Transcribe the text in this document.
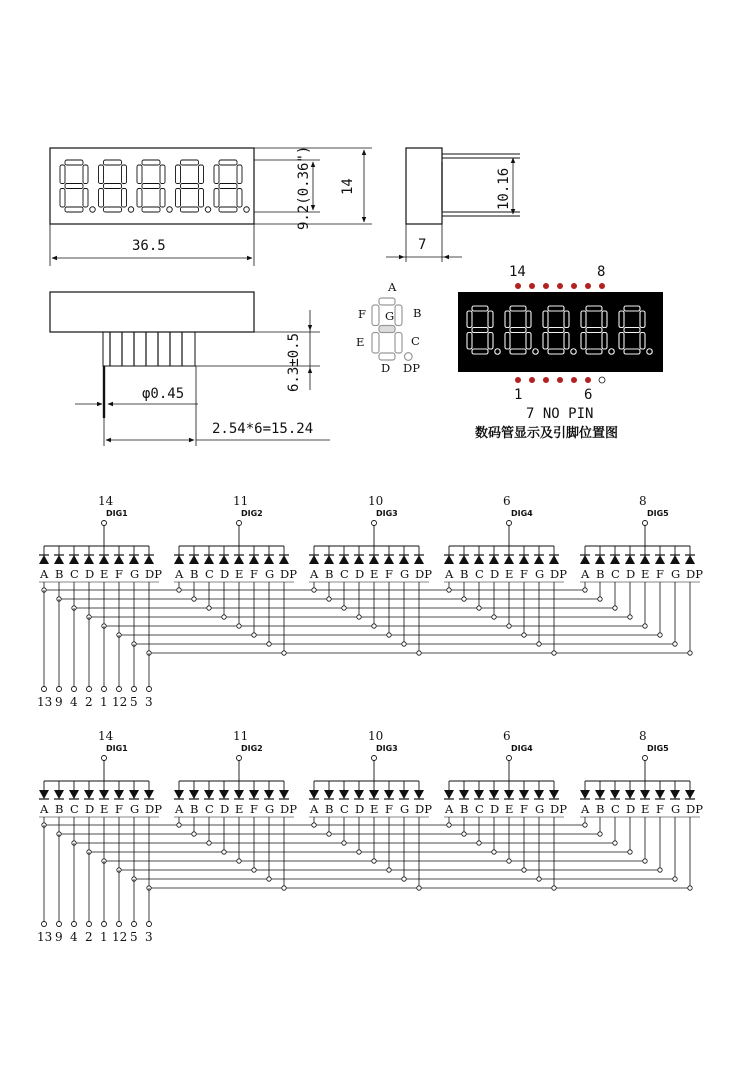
36.5
9.2(0.36") 14	10.16
7
6.3±0.5
φ0.45
2.54*6=15.24
A
B
C
D
E
F G
DP
14	8
1	6
7 NO PIN
数码管显示及引脚位置图
14
DIG1
A B C D E F G DP
11
DIG2
A B C D E F G DP
10
DIG3
A B C D E F G DP
6
DIG4
A B C D E F G DP
8
DIG5
A B C D E F G DP
13 9 4 2 1 12 5 3
14
DIG1
A B C D E F G DP
11
DIG2
A B C D E F G DP
10
DIG3
A B C D E F G DP
6
DIG4
A B C D E F G DP
8
DIG5
A B C D E F G DP
13 9 4 2 1 12 5 3
